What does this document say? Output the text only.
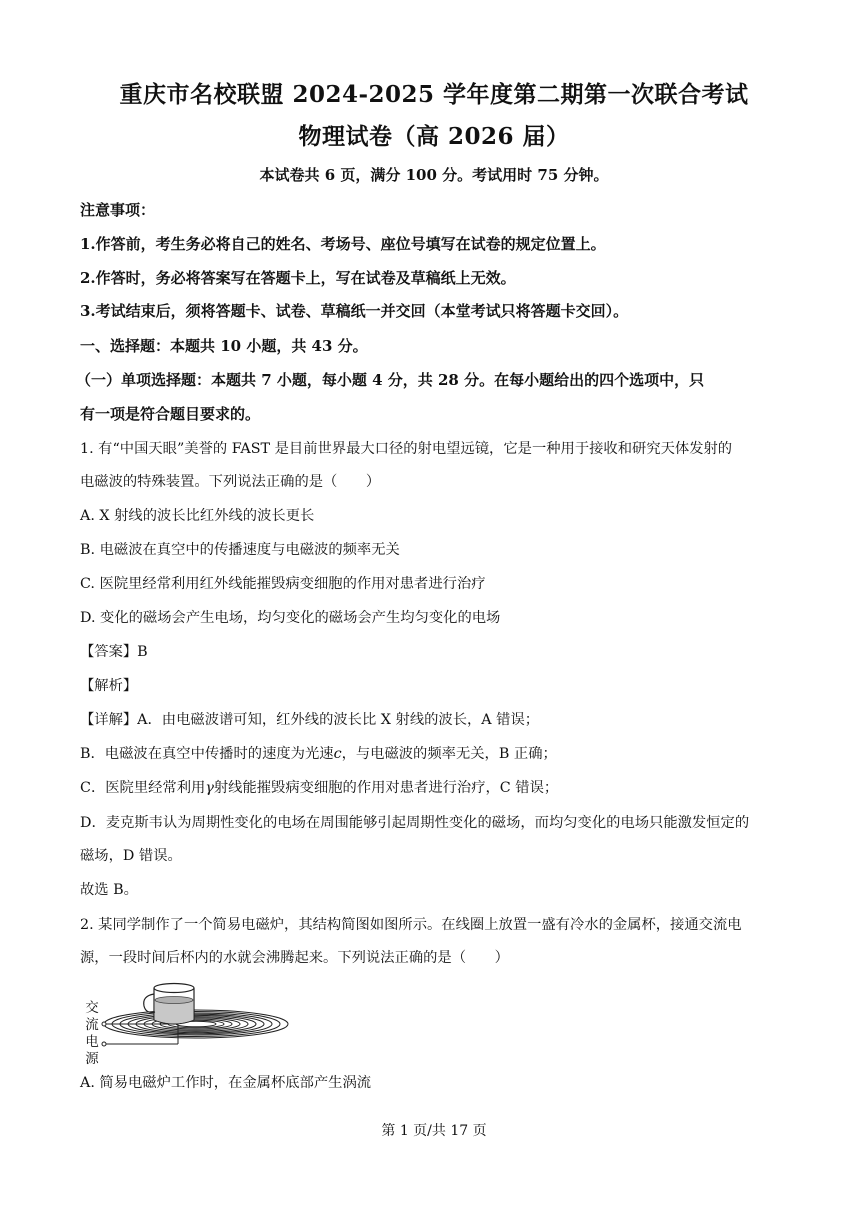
重庆市名校联盟 2024-2025 学年度第二期第一次联合考试
物理试卷（高 2026 届）
本试卷共 6 页，满分 100 分。考试用时 75 分钟。
注意事项：
1.作答前，考生务必将自己的姓名、考场号、座位号填写在试卷的规定位置上。
2.作答时，务必将答案写在答题卡上，写在试卷及草稿纸上无效。
3.考试结束后，须将答题卡、试卷、草稿纸一并交回（本堂考试只将答题卡交回）。
一、选择题：本题共 10 小题，共 43 分。
（一）单项选择题：本题共 7 小题，每小题 4 分，共 28 分。在每小题给出的四个选项中，只
有一项是符合题目要求的。
1. 有“中国天眼”美誉的 FAST 是目前世界最大口径的射电望远镜，它是一种用于接收和研究天体发射的
电磁波的特殊装置。下列说法正确的是（　　）
A. X 射线的波长比红外线的波长更长
B. 电磁波在真空中的传播速度与电磁波的频率无关
C. 医院里经常利用红外线能摧毁病变细胞的作用对患者进行治疗
D. 变化的磁场会产生电场，均匀变化的磁场会产生均匀变化的电场
【答案】B
【解析】
【详解】A．由电磁波谱可知，红外线的波长比 X 射线的波长，A 错误；
B．电磁波在真空中传播时的速度为光速c，与电磁波的频率无关，B 正确；
C．医院里经常利用γ射线能摧毁病变细胞的作用对患者进行治疗，C 错误；
D．麦克斯韦认为周期性变化的电场在周围能够引起周期性变化的磁场，而均匀变化的电场只能激发恒定的
磁场，D 错误。
故选 B。
2. 某同学制作了一个简易电磁炉，其结构简图如图所示。在线圈上放置一盛有冷水的金属杯，接通交流电
源，一段时间后杯内的水就会沸腾起来。下列说法正确的是（　　）
交
流
电
源
A. 简易电磁炉工作时，在金属杯底部产生涡流
第 1 页/共 17 页
